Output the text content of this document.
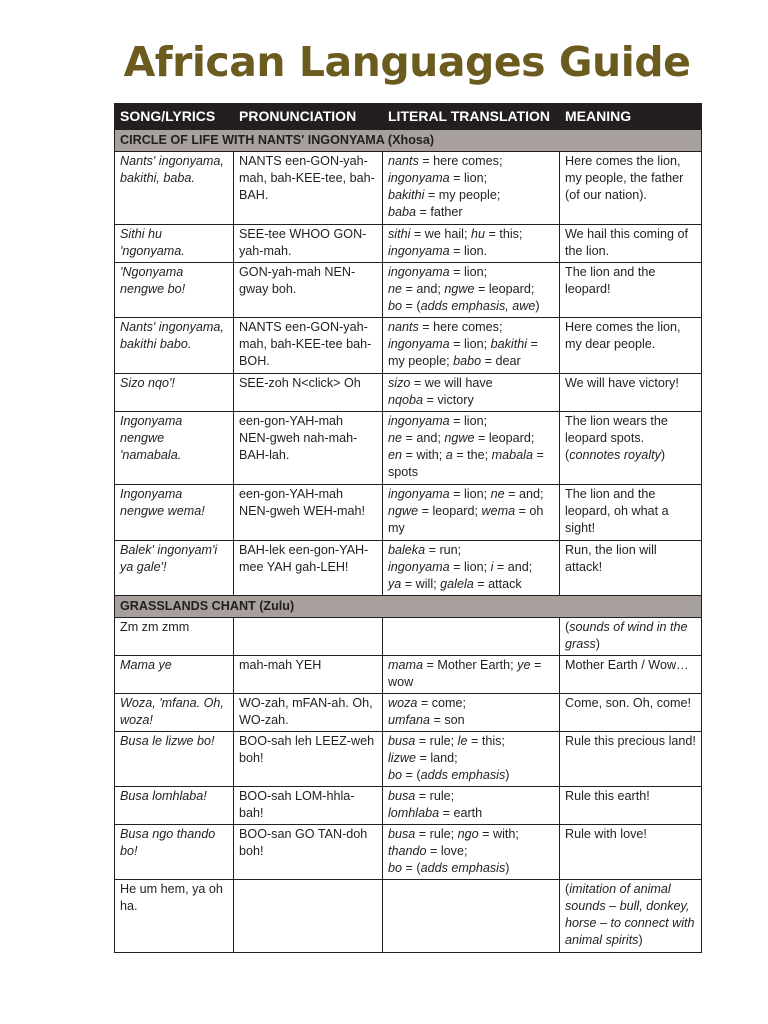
African Languages Guide
SONG/LYRICS	PRONUNCIATION	LITERAL TRANSLATION	MEANING
CIRCLE OF LIFE WITH NANTS' INGONYAMA (Xhosa)			
Nants' ingonyama, bakithi, baba.	NANTS een-GON-yah-mah, bah-KEE-tee, bah-BAH.	nants = here comes;
ingonyama = lion;
bakithi = my people;
baba = father	Here comes the lion, my people, the father (of our nation).
Sithi hu 'ngonyama.	SEE-tee WHOO GON-yah-mah.	sithi = we hail; hu = this;
ingonyama = lion.	We hail this coming of the lion.
'Ngonyama nengwe bo!	GON-yah-mah NEN-gway boh.	ingonyama = lion;
ne = and; ngwe = leopard;
bo = (adds emphasis, awe)	The lion and the leopard!
Nants' ingonyama, bakithi babo.	NANTS een-GON-yah-mah, bah-KEE-tee bah-BOH.	nants = here comes;
ingonyama = lion; bakithi = my people; babo = dear	Here comes the lion, my dear people.
Sizo nqo'!	SEE-zoh N<click> Oh	sizo = we will have
nqoba = victory	We will have victory!
Ingonyama nengwe 'namabala.	een-gon-YAH-mah NEN-gweh nah-mah-BAH-lah.	ingonyama = lion;
ne = and; ngwe = leopard;
en = with; a = the; mabala = spots	The lion wears the leopard spots. (connotes royalty)
Ingonyama nengwe wema!	een-gon-YAH-mah NEN-gweh WEH-mah!	ingonyama = lion; ne = and;
ngwe = leopard; wema = oh my	The lion and the leopard, oh what a sight!
Balek' ingonyam'i ya gale'!	BAH-lek een-gon-YAH-mee YAH gah-LEH!	baleka = run;
ingonyama = lion; i = and;
ya = will; galela = attack	Run, the lion will attack!
GRASSLANDS CHANT (Zulu)			
Zm zm zmm			(sounds of wind in the grass)
Mama ye	mah-mah YEH	mama = Mother Earth; ye = wow	Mother Earth / Wow…
Woza, 'mfana. Oh, woza!	WO-zah, mFAN-ah. Oh, WO-zah.	woza = come;
umfana = son	Come, son. Oh, come!
Busa le lizwe bo!	BOO-sah leh LEEZ-weh boh!	busa = rule; le = this;
lizwe = land;
bo = (adds emphasis)	Rule this precious land!
Busa lomhlaba!	BOO-sah LOM-hhla-bah!	busa = rule;
lomhlaba = earth	Rule this earth!
Busa ngo thando bo!	BOO-san GO TAN-doh boh!	busa = rule; ngo = with;
thando = love;
bo = (adds emphasis)	Rule with love!
He um hem, ya oh ha.			(imitation of animal sounds – bull, donkey, horse – to connect with animal spirits)
